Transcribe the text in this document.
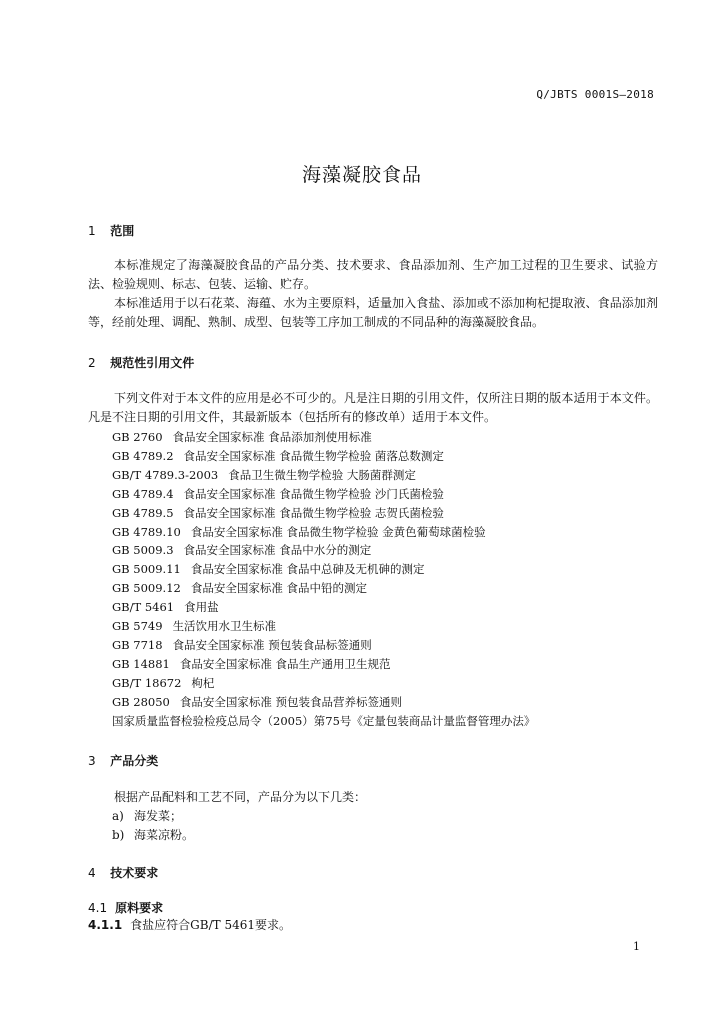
Q/JBTS 0001S—2018
海藻凝胶食品
1 范围

本标准规定了海藻凝胶食品的产品分类、技术要求、食品添加剂、生产加工过程的卫生要求、试验方法、检验规则、标志、包装、运输、贮存。

本标准适用于以石花菜、海蕴、水为主要原料，适量加入食盐、添加或不添加枸杞提取液、食品添加剂等，经前处理、调配、熟制、成型、包装等工序加工制成的不同品种的海藻凝胶食品。

2 规范性引用文件

下列文件对于本文件的应用是必不可少的。凡是注日期的引用文件，仅所注日期的版本适用于本文件。凡是不注日期的引用文件，其最新版本（包括所有的修改单）适用于本文件。

GB 2760 食品安全国家标准 食品添加剂使用标准
GB 4789.2 食品安全国家标准 食品微生物学检验 菌落总数测定
GB/T 4789.3-2003 食品卫生微生物学检验 大肠菌群测定
GB 4789.4 食品安全国家标准 食品微生物学检验 沙门氏菌检验
GB 4789.5 食品安全国家标准 食品微生物学检验 志贺氏菌检验
GB 4789.10 食品安全国家标准 食品微生物学检验 金黄色葡萄球菌检验
GB 5009.3 食品安全国家标准 食品中水分的测定
GB 5009.11 食品安全国家标准 食品中总砷及无机砷的测定
GB 5009.12 食品安全国家标准 食品中铅的测定
GB/T 5461 食用盐
GB 5749 生活饮用水卫生标准
GB 7718 食品安全国家标准 预包装食品标签通则
GB 14881 食品安全国家标准 食品生产通用卫生规范
GB/T 18672 枸杞
GB 28050 食品安全国家标准 预包装食品营养标签通则
国家质量监督检验检疫总局令（2005）第75号《定量包装商品计量监督管理办法》
3 产品分类

根据产品配料和工艺不同，产品分为以下几类：

a) 海发菜；
b) 海菜凉粉。
4 技术要求
4.1 原料要求
4.1.1 食盐应符合GB/T 5461要求。
1
